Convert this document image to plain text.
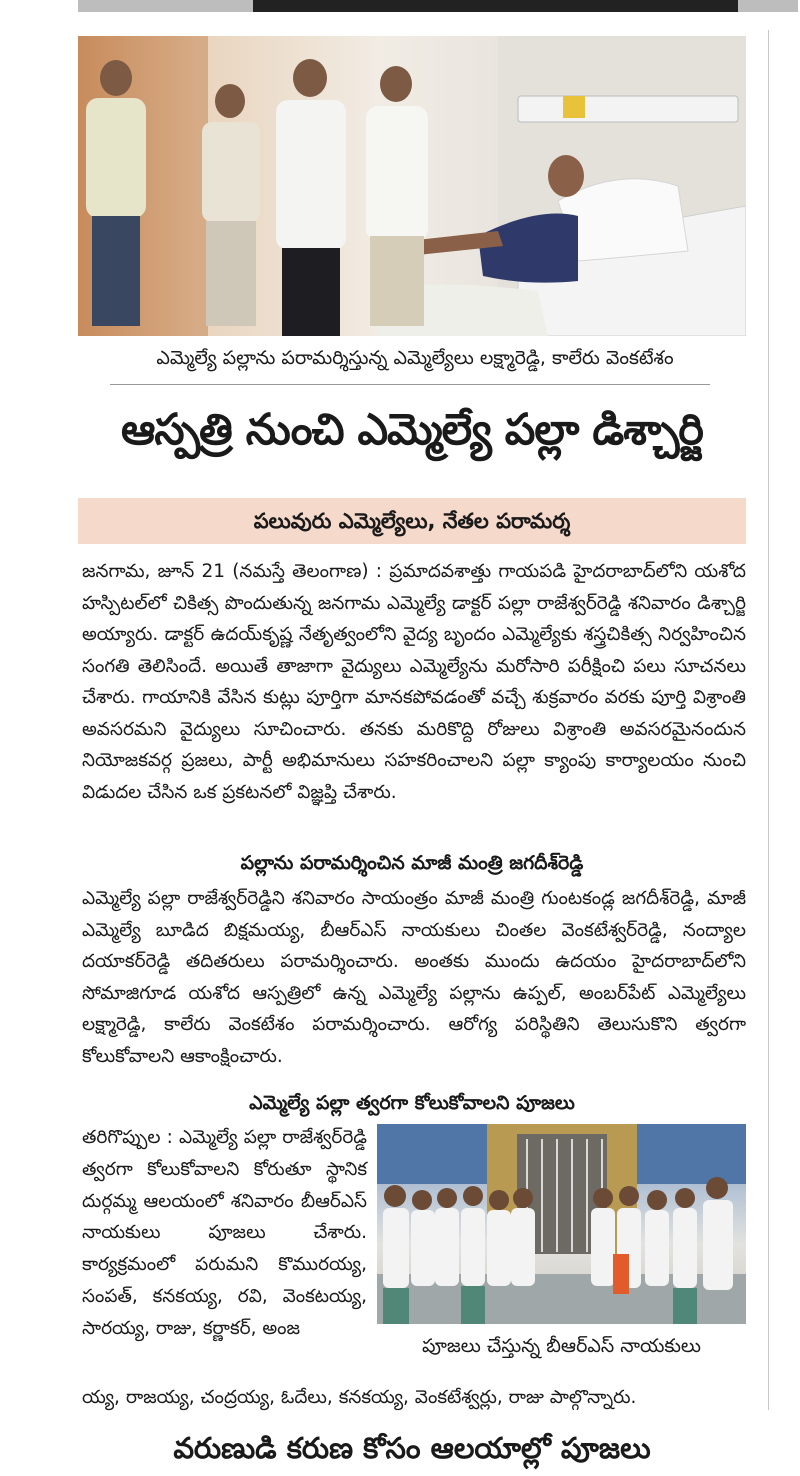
ఎమ్మెల్యే పల్లాను పరామర్శిస్తున్న ఎమ్మెల్యేలు లక్ష్మారెడ్డి, కాలేరు వెంకటేశం
ఆస్పత్రి నుంచి ఎమ్మెల్యే పల్లా డిశ్చార్జి
పలువురు ఎమ్మెల్యేలు, నేతల పరామర్శ
జనగామ, జూన్ 21 (నమస్తే తెలంగాణ) : ప్రమాదవశాత్తు గాయపడి హైదరాబాద్‌లోని యశోద హస్పిటల్‌లో చికిత్స పొందుతున్న జనగామ ఎమ్మెల్యే డాక్టర్ పల్లా రాజేశ్వర్‌రెడ్డి శనివారం డిశ్చార్జి అయ్యారు. డాక్టర్ ఉదయ్‌కృష్ణ నేతృత్వంలోని వైద్య బృందం ఎమ్మెల్యేకు శస్త్రచికిత్స నిర్వహించిన సంగతి తెలిసిందే. అయితే తాజాగా వైద్యులు ఎమ్మెల్యేను మరోసారి పరీక్షించి పలు సూచనలు చేశారు. గాయానికి వేసిన కుట్లు పూర్తిగా మానకపోవడంతో వచ్చే శుక్రవారం వరకు పూర్తి విశ్రాంతి అవసరమని వైద్యులు సూచించారు. తనకు మరికొద్ది రోజులు విశ్రాంతి అవసరమైనందున నియోజకవర్గ ప్రజలు, పార్టీ అభిమానులు సహకరించాలని పల్లా క్యాంపు కార్యాలయం నుంచి విడుదల చేసిన ఒక ప్రకటనలో విజ్ఞప్తి చేశారు.
పల్లాను పరామర్శించిన మాజీ మంత్రి జగదీశ్‌రెడ్డి
ఎమ్మెల్యే పల్లా రాజేశ్వర్‌రెడ్డిని శనివారం సాయంత్రం మాజీ మంత్రి గుంటకండ్ల జగదీశ్‌రెడ్డి, మాజీ ఎమ్మెల్యే బూడిద బిక్షమయ్య, బీఆర్‌ఎస్ నాయకులు చింతల వెంకటేశ్వర్‌రెడ్డి, నంద్యాల దయాకర్‌రెడ్డి తదితరులు పరామర్శించారు. అంతకు ముందు ఉదయం హైదరాబాద్‌లోని సోమాజిగూడ యశోద ఆస్పత్రిలో ఉన్న ఎమ్మెల్యే పల్లాను ఉప్పల్, అంబర్‌పేట్ ఎమ్మెల్యేలు లక్ష్మారెడ్డి, కాలేరు వెంకటేశం పరామర్శించారు. ఆరోగ్య పరిస్థితిని తెలుసుకొని త్వరగా కోలుకోవాలని ఆకాంక్షించారు.
ఎమ్మెల్యే పల్లా త్వరగా కోలుకోవాలని పూజలు
తరిగొప్పుల : ఎమ్మెల్యే పల్లా రాజేశ్వర్‌రెడ్డి త్వరగా కోలుకోవాలని కోరుతూ స్థానిక దుర్గమ్మ ఆలయంలో శనివారం బీఆర్‌ఎస్ నాయకులు పూజలు చేశారు. కార్యక్రమంలో పరుమని కొమురయ్య, సంపత్, కనకయ్య, రవి, వెంకటయ్య, సారయ్య, రాజు, కర్ణాకర్, అంజ
పూజలు చేస్తున్న బీఆర్‌ఎస్ నాయకులు
య్య, రాజయ్య, చంద్రయ్య, ఓదేలు, కనకయ్య, వెంకటేశ్వర్లు, రాజు పాల్గొన్నారు.
వరుణుడి కరుణ కోసం ఆలయాల్లో పూజలు
